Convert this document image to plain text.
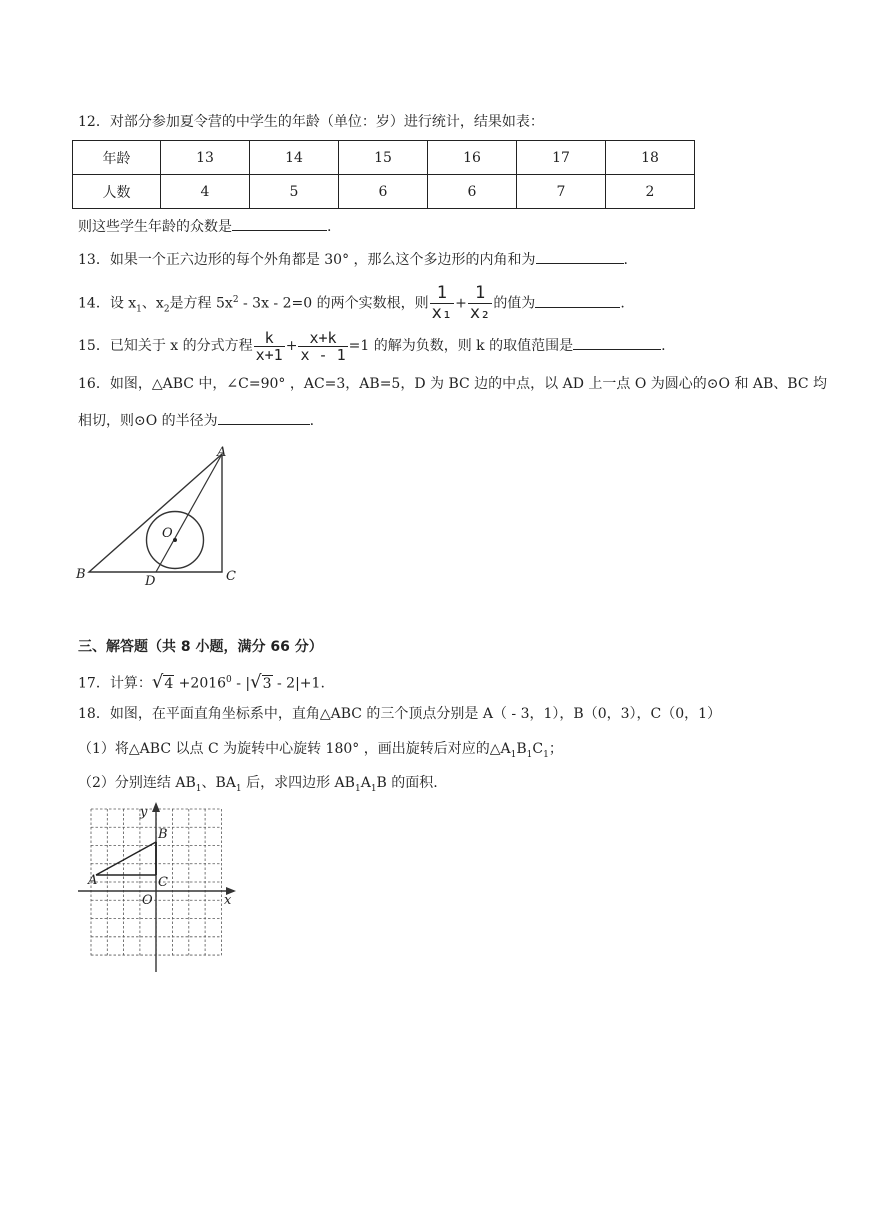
12．对部分参加夏令营的中学生的年龄（单位：岁）进行统计，结果如表：
年龄	13	14	15	16	17	18
人数	4	5	6	6	7	2
则这些学生年龄的众数是	.
13．如果一个正六边形的每个外角都是 30° ，那么这个多边形的内角和为	.
14．设 $x_1$、$x_2$是方程 $5x^2 - 3x - 2=0$ 的两个实数根，则 $\frac{1}{\text{x₁}} + \frac{1}{\text{x₂}}$ 的值为	.
15．已知关于 x 的分式方程 $\frac{k}{x+1} + \frac{x+k}{x - 1} =1$ 的解为负数，则 k 的取值范围是	.
16．如图，△ABC 中，∠C=90° ，AC=3，AB=5，D 为 BC 边的中点，以 AD 上一点 O 为圆心的⊙O 和 AB、BC 均
相切，则⊙O 的半径为	.
A
B	C
D
O
三、解答题（共 8 小题，满分 66 分）
17．计算：$√4 +2016^0 - |√3 - 2|+1$.
18．如图，在平面直角坐标系中，直角△ABC 的三个顶点分别是 A（ - 3，1），B（0，3），C（0，1）
（1）将△ABC 以点 C 为旋转中心旋转 180° ，画出旋转后对应的$\triangle A_1B_1C_1$；
（2）分别连结 $AB_1$、$BA_1$ 后，求四边形 $AB_1A_1B$ 的面积.
y
x
A
B
C
O
